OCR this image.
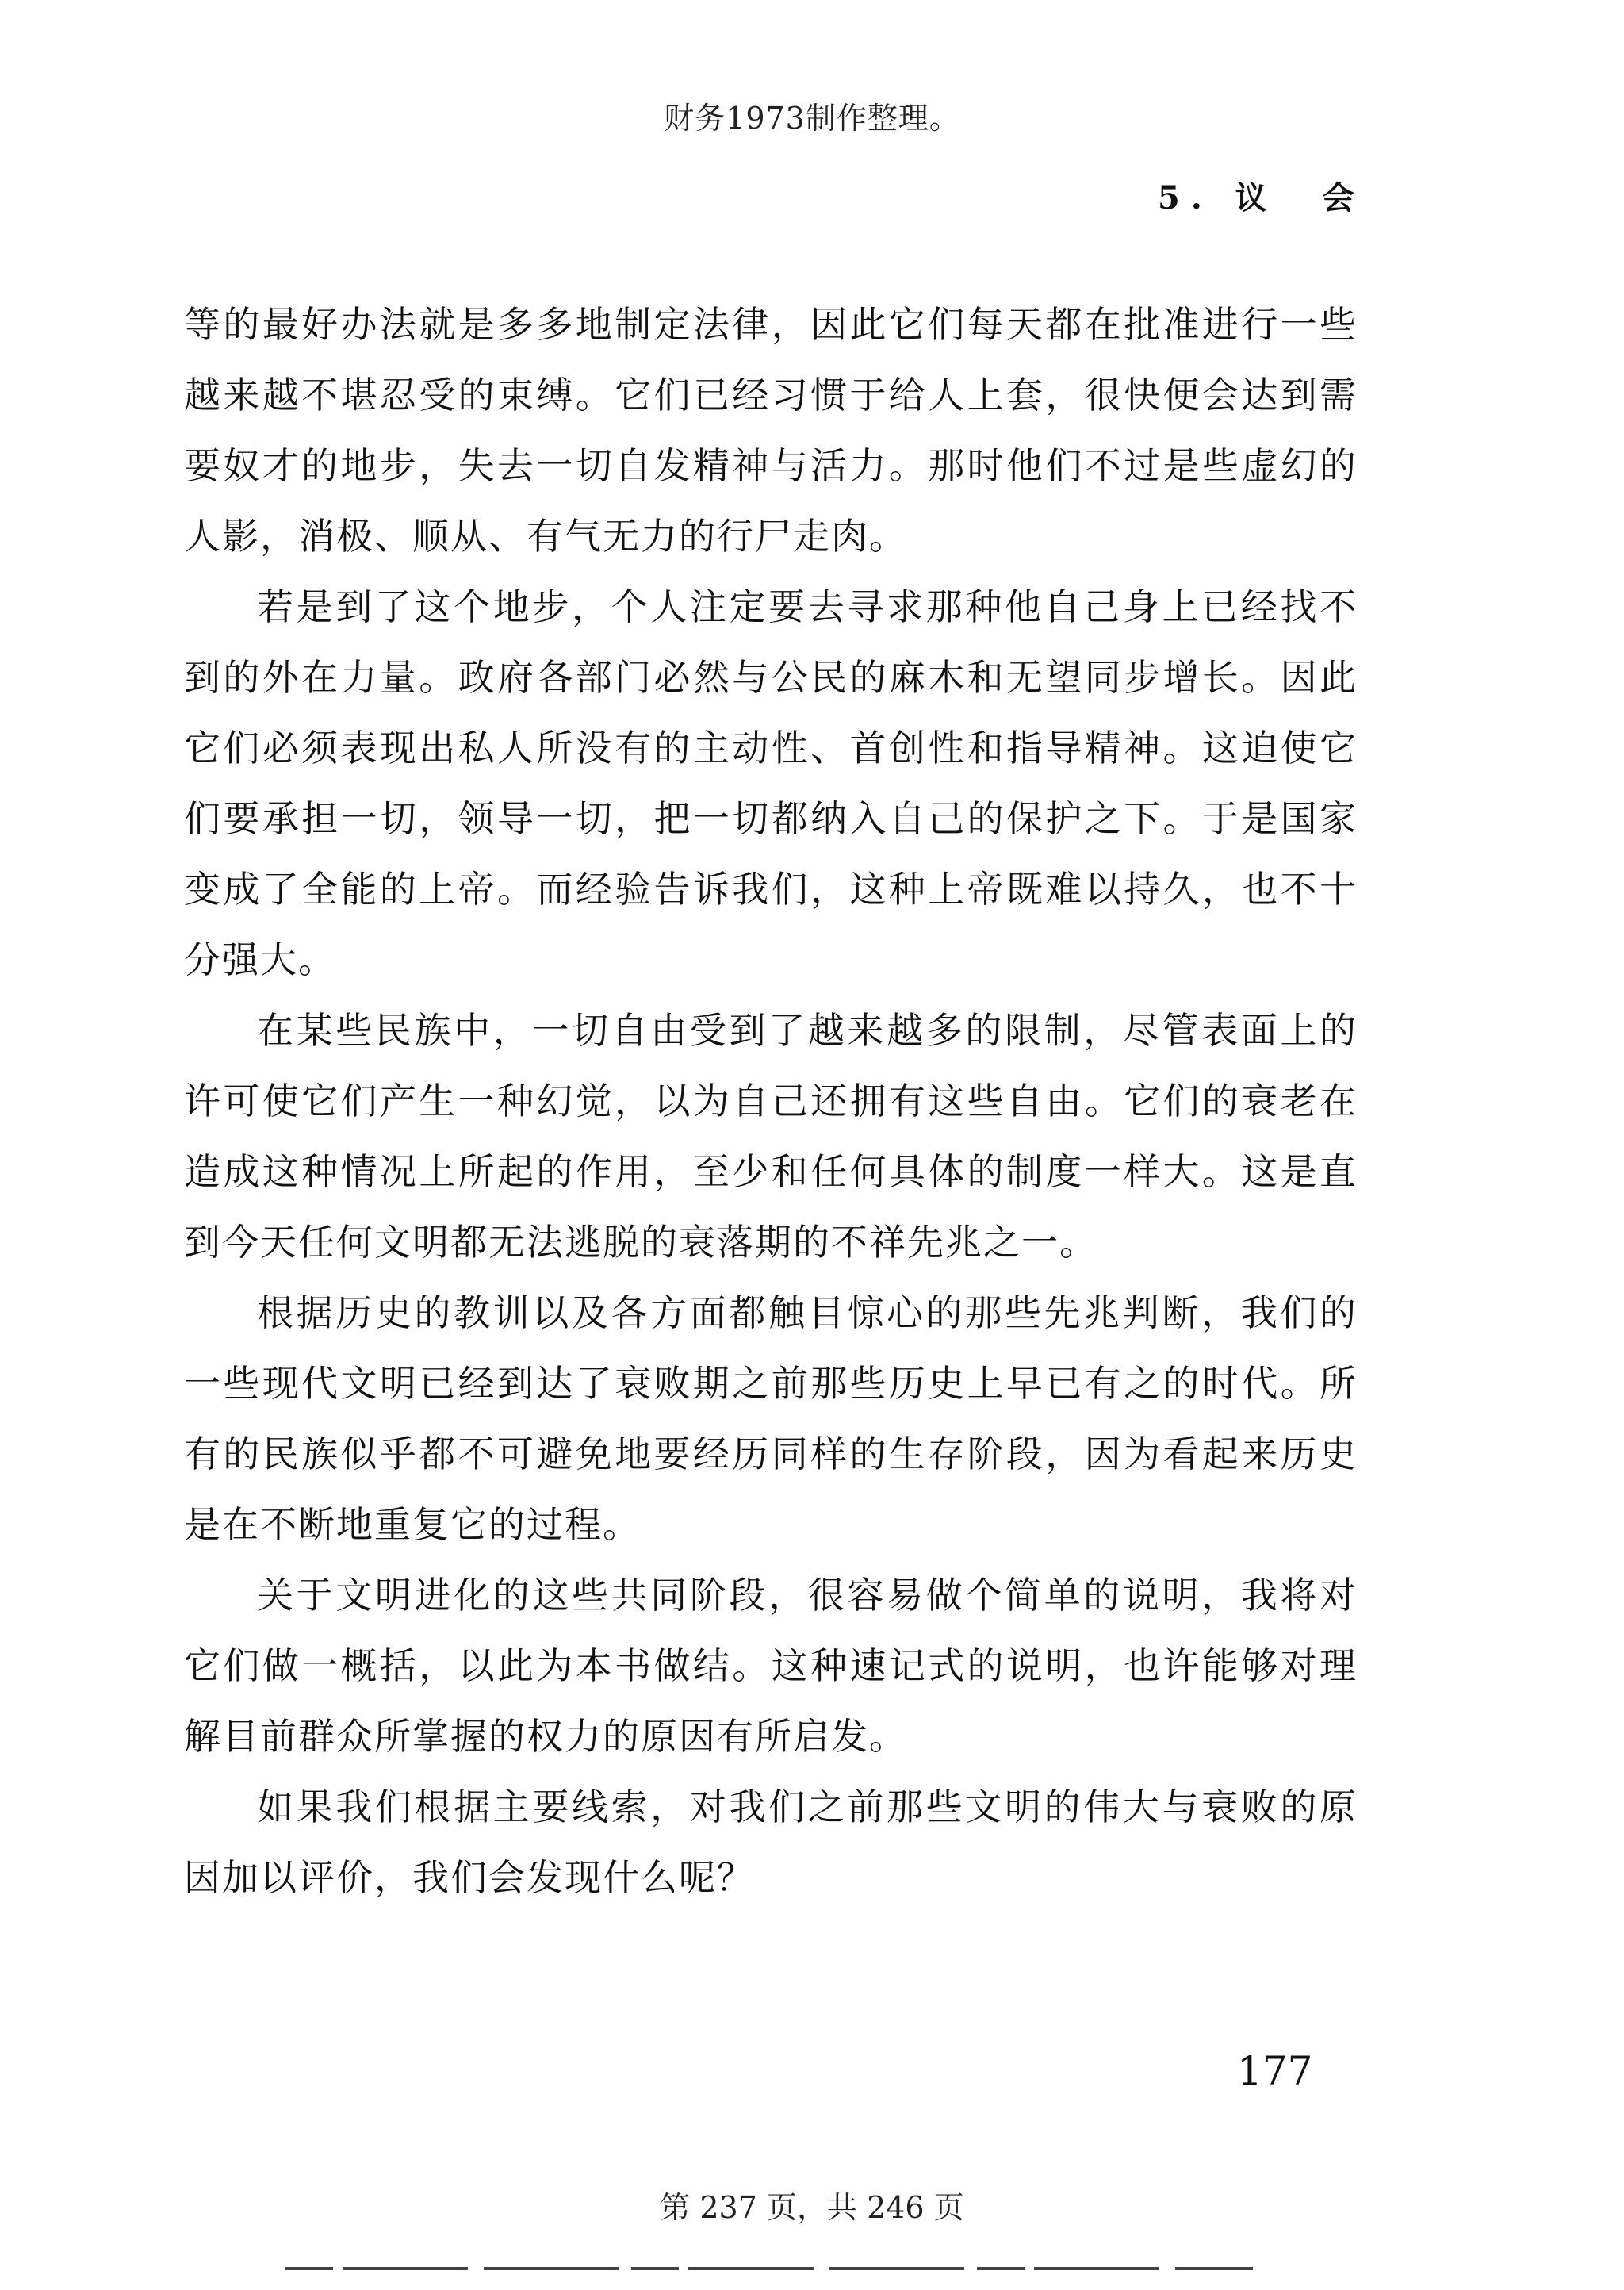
财务1973制作整理。
5. 议  会

等的最好办法就是多多地制定法律，因此它们每天都在批准进行一些越来越不堪忍受的束缚。它们已经习惯于给人上套，很快便会达到需要奴才的地步，失去一切自发精神与活力。那时他们不过是些虚幻的人影，消极、顺从、有气无力的行尸走肉。

若是到了这个地步，个人注定要去寻求那种他自己身上已经找不到的外在力量。政府各部门必然与公民的麻木和无望同步增长。因此它们必须表现出私人所没有的主动性、首创性和指导精神。这迫使它们要承担一切，领导一切，把一切都纳入自己的保护之下。于是国家变成了全能的上帝。而经验告诉我们，这种上帝既难以持久，也不十分强大。

在某些民族中，一切自由受到了越来越多的限制，尽管表面上的许可使它们产生一种幻觉，以为自己还拥有这些自由。它们的衰老在造成这种情况上所起的作用，至少和任何具体的制度一样大。这是直到今天任何文明都无法逃脱的衰落期的不祥先兆之一。

根据历史的教训以及各方面都触目惊心的那些先兆判断，我们的一些现代文明已经到达了衰败期之前那些历史上早已有之的时代。所有的民族似乎都不可避免地要经历同样的生存阶段，因为看起来历史是在不断地重复它的过程。

关于文明进化的这些共同阶段，很容易做个简单的说明，我将对它们做一概括，以此为本书做结。这种速记式的说明，也许能够对理解目前群众所掌握的权力的原因有所启发。

如果我们根据主要线索，对我们之前那些文明的伟大与衰败的原因加以评价，我们会发现什么呢？

177
第 237 页，共 246 页
